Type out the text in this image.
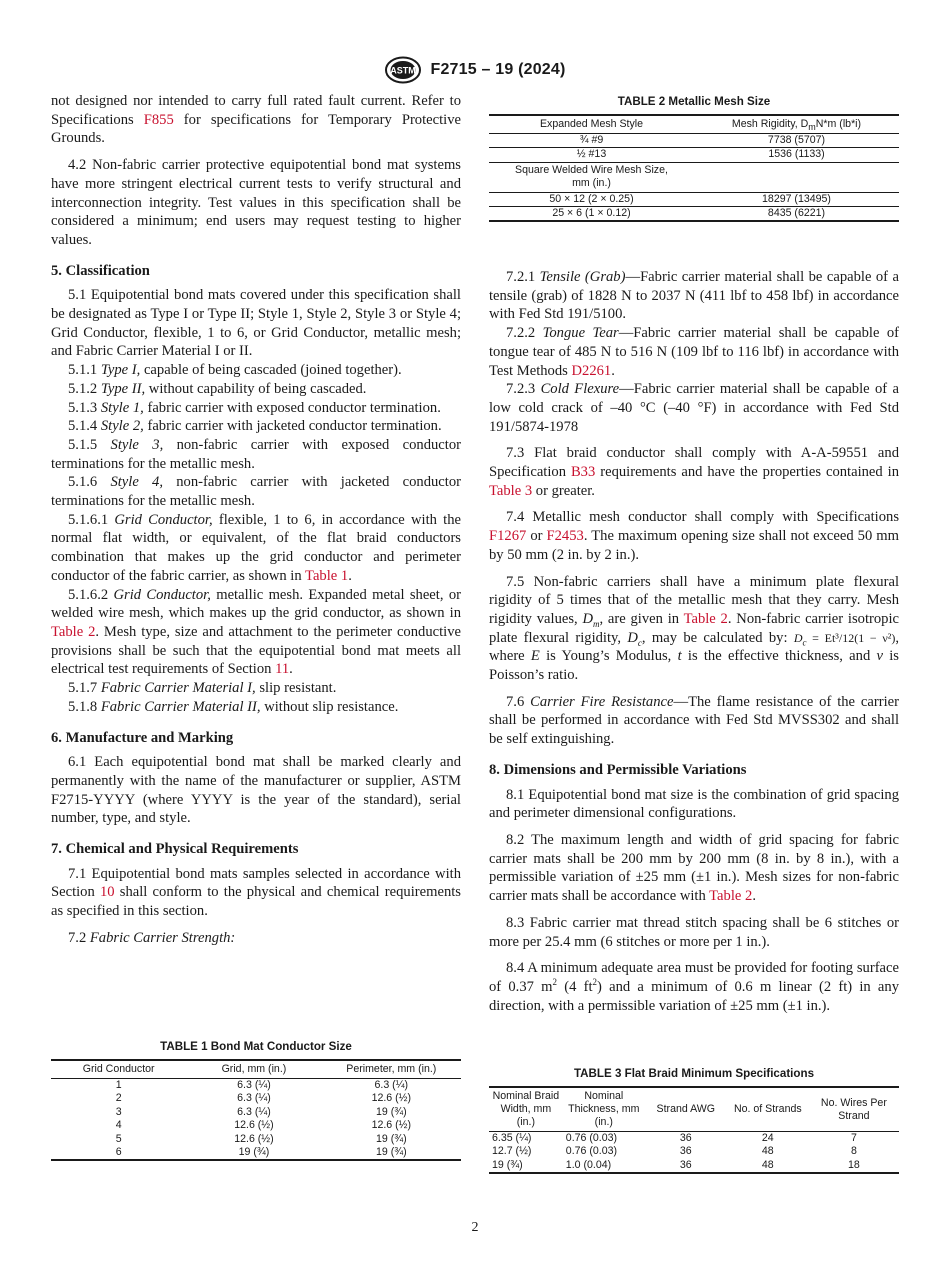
ASTM F2715 – 19 (2024)

not designed nor intended to carry full rated fault current. Refer to Specifications F855 for specifications for Temporary Protective Grounds.

4.2 Non-fabric carrier protective equipotential bond mat systems have more stringent electrical current tests to verify structural and interconnection integrity. Test values in this specification shall be considered a minimum; end users may request testing to higher values.

5. Classification

5.1 Equipotential bond mats covered under this specification shall be designated as Type I or Type II; Style 1, Style 2, Style 3 or Style 4; Grid Conductor, flexible, 1 to 6, or Grid Conductor, metallic mesh; and Fabric Carrier Material I or II.

5.1.1 Type I, capable of being cascaded (joined together).

5.1.2 Type II, without capability of being cascaded.

5.1.3 Style 1, fabric carrier with exposed conductor termination.

5.1.4 Style 2, fabric carrier with jacketed conductor termination.

5.1.5 Style 3, non-fabric carrier with exposed conductor terminations for the metallic mesh.

5.1.6 Style 4, non-fabric carrier with jacketed conductor terminations for the metallic mesh.

5.1.6.1 Grid Conductor, flexible, 1 to 6, in accordance with the normal flat width, or equivalent, of the flat braid conductors combination that makes up the grid conductor and perimeter conductor of the fabric carrier, as shown in Table 1.

5.1.6.2 Grid Conductor, metallic mesh. Expanded metal sheet, or welded wire mesh, which makes up the grid conductor, as shown in Table 2. Mesh type, size and attachment to the perimeter conductive provisions shall be such that the equipotential bond mat meets all electrical test requirements of Section 11.

5.1.7 Fabric Carrier Material I, slip resistant.

5.1.8 Fabric Carrier Material II, without slip resistance.

6. Manufacture and Marking

6.1 Each equipotential bond mat shall be marked clearly and permanently with the name of the manufacturer or supplier, ASTM F2715-YYYY (where YYYY is the year of the standard), serial number, type, and style.

7. Chemical and Physical Requirements

7.1 Equipotential bond mats samples selected in accordance with Section 10 shall conform to the physical and chemical requirements as specified in this section.

7.2 Fabric Carrier Strength:

TABLE 1 Bond Mat Conductor Size
Grid Conductor	Grid, mm (in.)	Perimeter, mm (in.)
1	6.3 (¼)	6.3 (¼)
2	6.3 (¼)	12.6 (½)
3	6.3 (¼)	19 (¾)
4	12.6 (½)	12.6 (½)
5	12.6 (½)	19 (¾)
6	19 (¾)	19 (¾)
TABLE 2 Metallic Mesh Size
Expanded Mesh Style	Mesh Rigidity, $D_mN*m$ (lb*i)
¾ #9	7738 (5707)
½ #13	1536 (1133)
Square Welded Wire Mesh Size, mm (in.)	
50 × 12 (2 × 0.25)	18297 (13495)
25 × 6 (1 × 0.12)	8435 (6221)

7.2.1 Tensile (Grab)—Fabric carrier material shall be capable of a tensile (grab) of 1828 N to 2037 N (411 lbf to 458 lbf) in accordance with Fed Std 191/5100.

7.2.2 Tongue Tear—Fabric carrier material shall be capable of tongue tear of 485 N to 516 N (109 lbf to 116 lbf) in accordance with Test Methods D2261.

7.2.3 Cold Flexure—Fabric carrier material shall be capable of a low cold crack of –40 °C (–40 °F) in accordance with Fed Std 191/5874-1978

7.3 Flat braid conductor shall comply with A-A-59551 and Specification B33 requirements and have the properties contained in Table 3 or greater.

7.4 Metallic mesh conductor shall comply with Specifications F1267 or F2453. The maximum opening size shall not exceed 50 mm by 50 mm (2 in. by 2 in.).

7.5 Non-fabric carriers shall have a minimum plate flexural rigidity of 5 times that of the metallic mesh that they carry. Mesh rigidity values, $D_m$, are given in Table 2. Non-fabric carrier isotropic plate flexural rigidity, $D_c$, may be calculated by: $D_c = Et^3/12(1 - \nu^2)$, where E is Young’s Modulus, t is the effective thickness, and v is Poisson’s ratio.

7.6 Carrier Fire Resistance—The flame resistance of the carrier shall be performed in accordance with Fed Std MVSS302 and shall be self extinguishing.

8. Dimensions and Permissible Variations

8.1 Equipotential bond mat size is the combination of grid spacing and perimeter dimensional configurations.

8.2 The maximum length and width of grid spacing for fabric carrier mats shall be 200 mm by 200 mm (8 in. by 8 in.), with a permissible variation of ±25 mm (±1 in.). Mesh sizes for non-fabric carrier mats shall be accordance with Table 2.

8.3 Fabric carrier mat thread stitch spacing shall be 6 stitches or more per 25.4 mm (6 stitches or more per 1 in.).

8.4 A minimum adequate area must be provided for footing surface of 0.37 $m^2$ (4 $ft^2$) and a minimum of 0.6 m linear (2 ft) in any direction, with a permissible variation of ±25 mm (±1 in.).

TABLE 3 Flat Braid Minimum Specifications
Nominal Braid Width, mm (in.)	Nominal Thickness, mm (in.)	Strand AWG	No. of Strands	No. Wires Per Strand
6.35 (¼)	0.76 (0.03)	36	24	7
12.7 (½)	0.76 (0.03)	36	48	8
19 (¾)	1.0 (0.04)	36	48	18
2
